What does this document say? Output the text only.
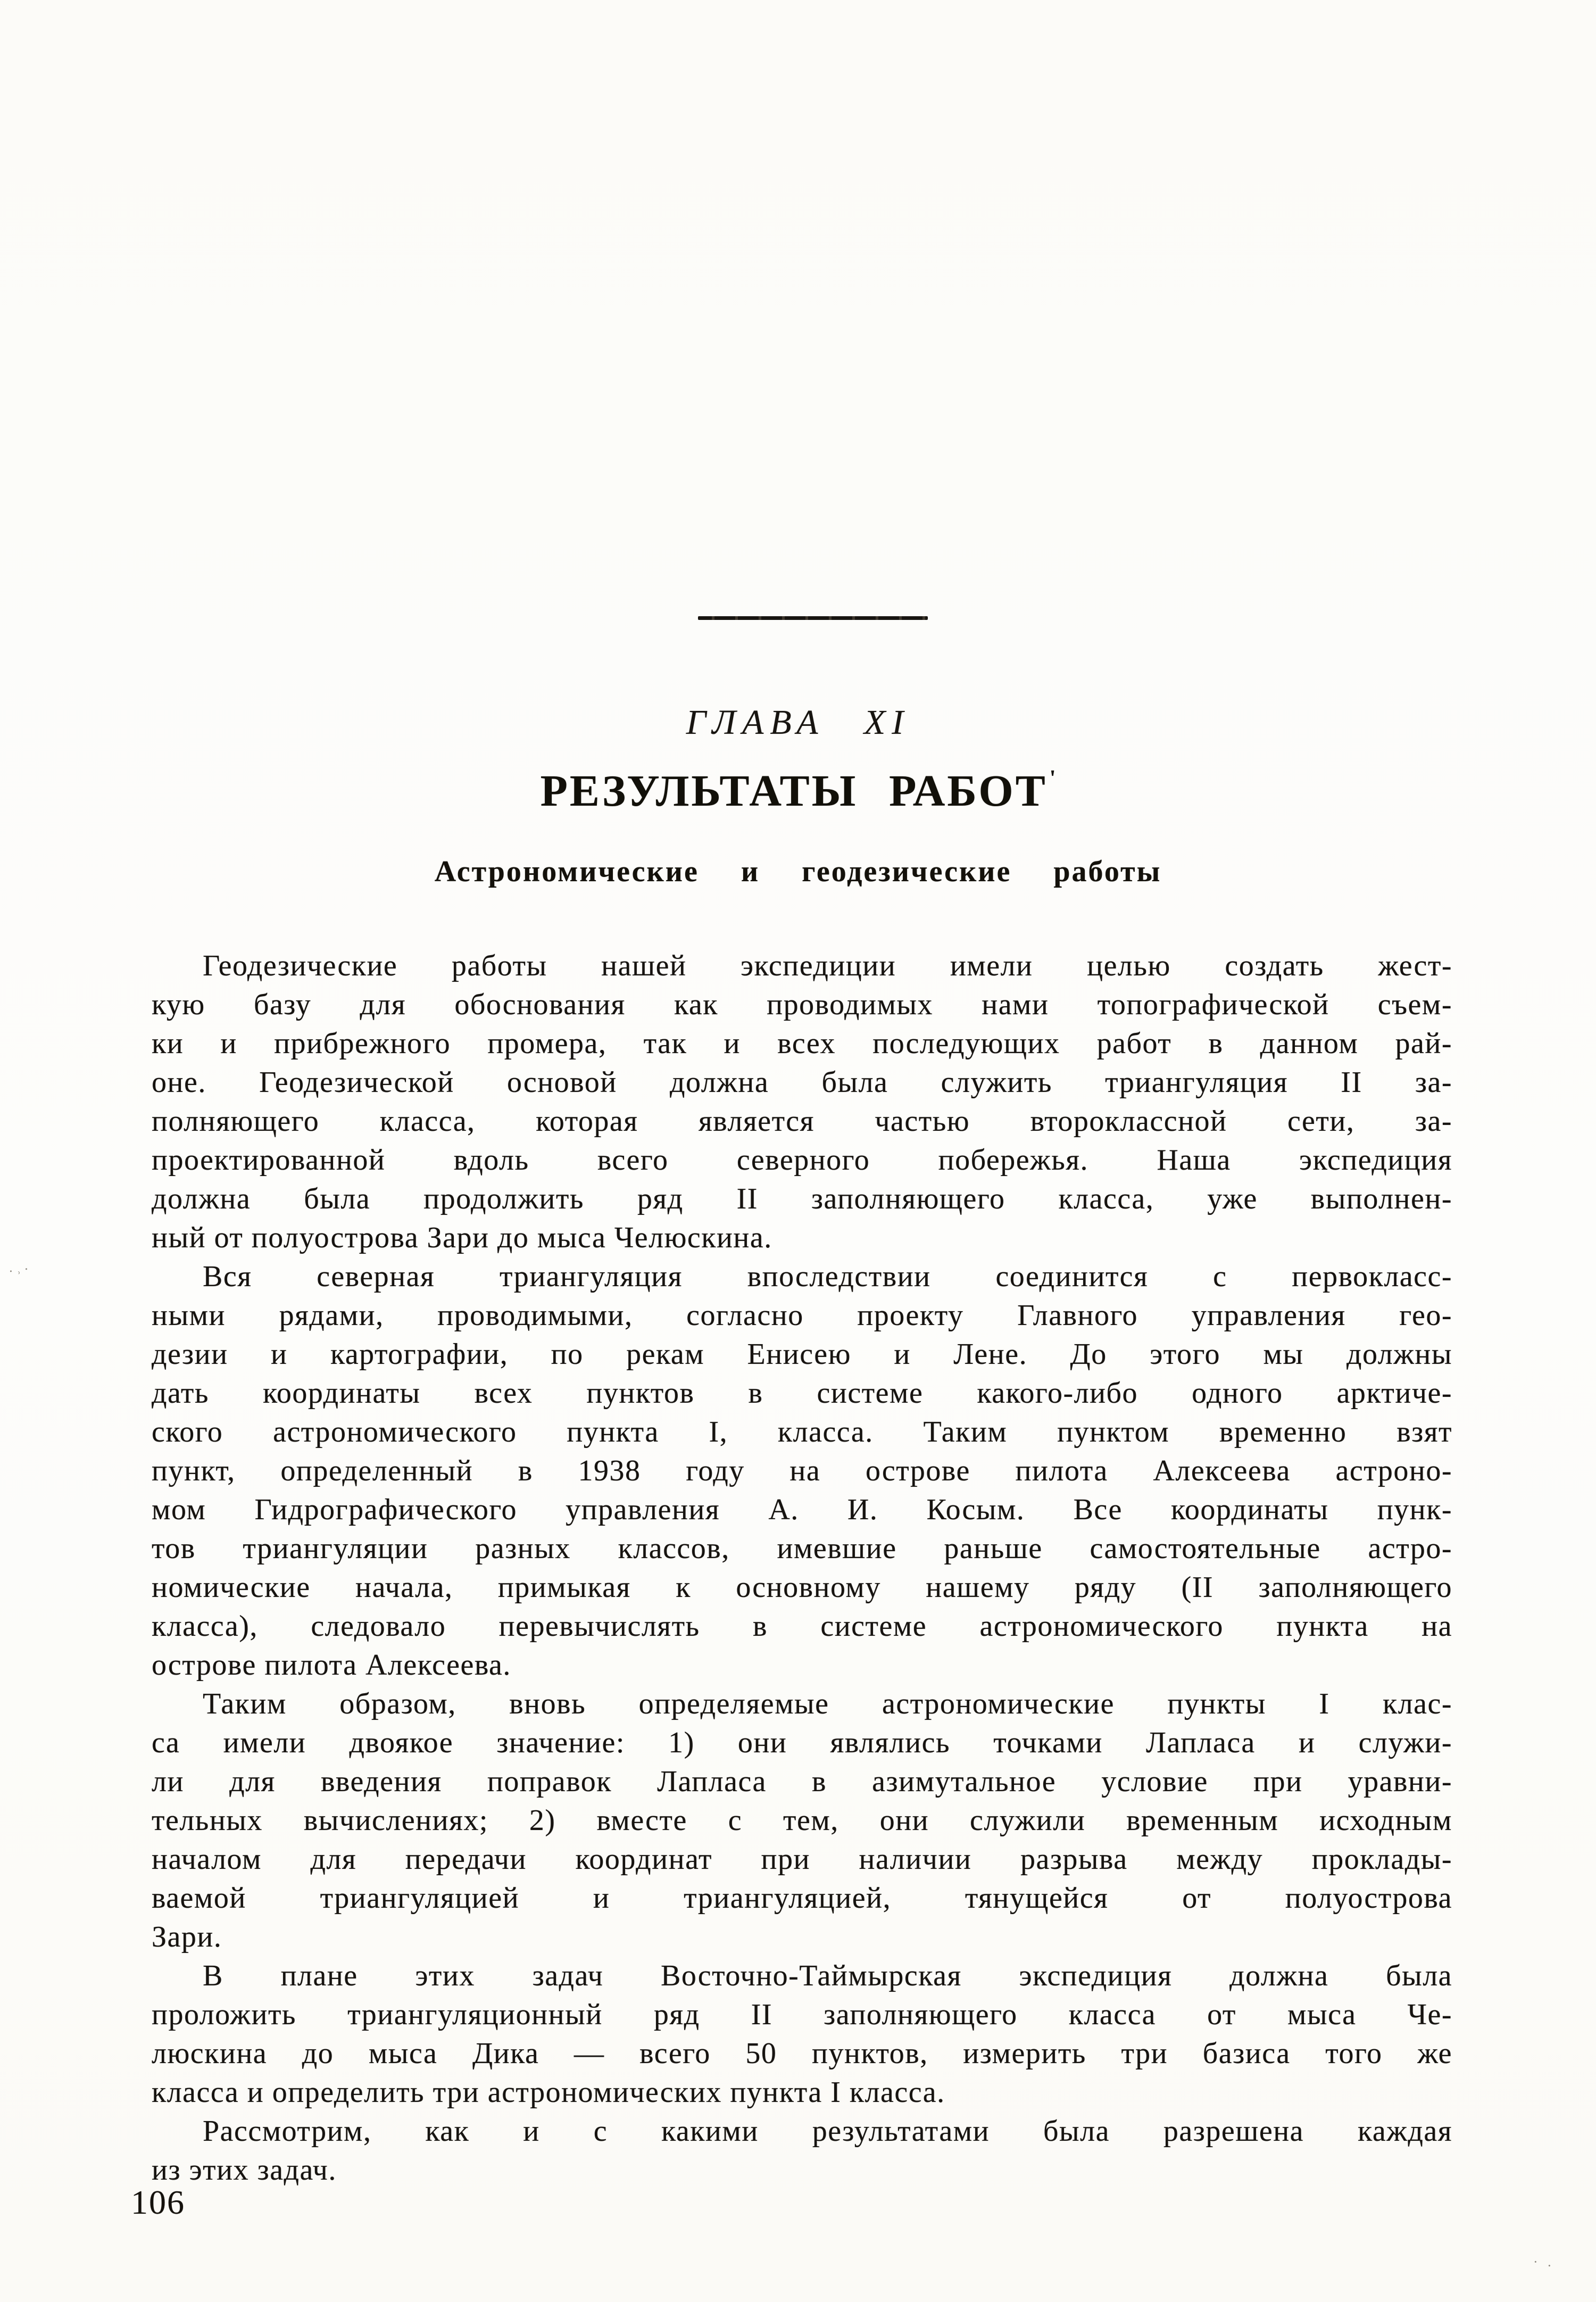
ГЛАВА XI
РЕЗУЛЬТАТЫ РАБОТ'
Астрономические и геодезические работы
Геодезические работы нашей экспедиции имели целью создать жест-
кую базу для обоснования как проводимых нами топографической съем-
ки и прибрежного промера, так и всех последующих работ в данном рай-
оне. Геодезической основой должна была служить триангуляция II за-
полняющего класса, которая является частью второклассной сети, за-
проектированной вдоль всего северного побережья. Наша экспедиция
должна была продолжить ряд II заполняющего класса, уже выполнен-
ный от полуострова Зари до мыса Челюскина.
Вся северная триангуляция впоследствии соединится с первокласс-
ными рядами, проводимыми, согласно проекту Главного управления гео-
дезии и картографии, по рекам Енисею и Лене. До этого мы должны
дать координаты всех пунктов в системе какого-либо одного арктиче-
ского астрономического пункта I, класса. Таким пунктом временно взят
пункт, определенный в 1938 году на острове пилота Алексеева астроно-
мом Гидрографического управления А. И. Косым. Все координаты пунк-
тов триангуляции разных классов, имевшие раньше самостоятельные астро-
номические начала, примыкая к основному нашему ряду (II заполняющего
класса), следовало перевычислять в системе астрономического пункта на
острове пилота Алексеева.
Таким образом, вновь определяемые астрономические пункты I клас-
са имели двоякое значение: 1) они являлись точками Лапласа и служи-
ли для введения поправок Лапласа в азимутальное условие при уравни-
тельных вычислениях; 2) вместе с тем, они служили временным исходным
началом для передачи координат при наличии разрыва между проклады-
ваемой триангуляцией и триангуляцией, тянущейся от полуострова
Зари.
В плане этих задач Восточно-Таймырская экспедиция должна была
проложить триангуляционный ряд II заполняющего класса от мыса Че-
люскина до мыса Дика — всего 50 пунктов, измерить три базиса того же
класса и определить три астрономических пункта I класса.
Рассмотрим, как и с какими результатами была разрешена каждая
из этих задач.
106
·˒·
· .
